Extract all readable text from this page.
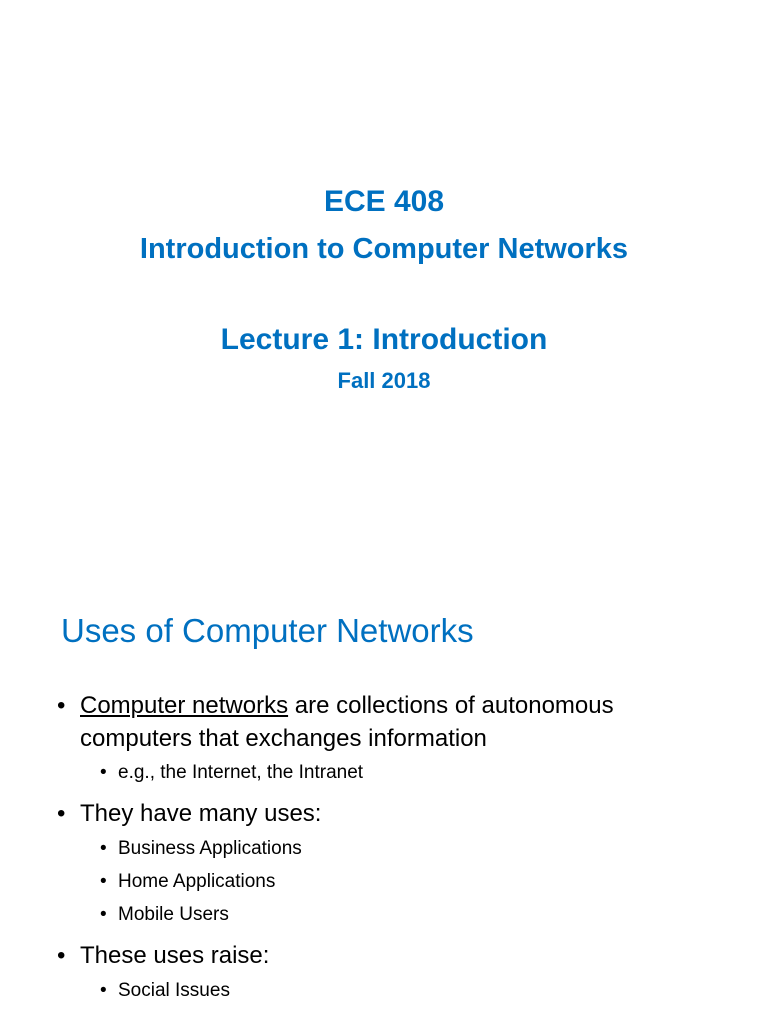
ECE 408
Introduction to Computer Networks
Lecture 1: Introduction
Fall 2018
Uses of Computer Networks
• Computer networks are collections of autonomous
computers that exchanges information
• e.g., the Internet, the Intranet
• They have many uses:
• Business Applications
• Home Applications
• Mobile Users
• These uses raise:
• Social Issues
